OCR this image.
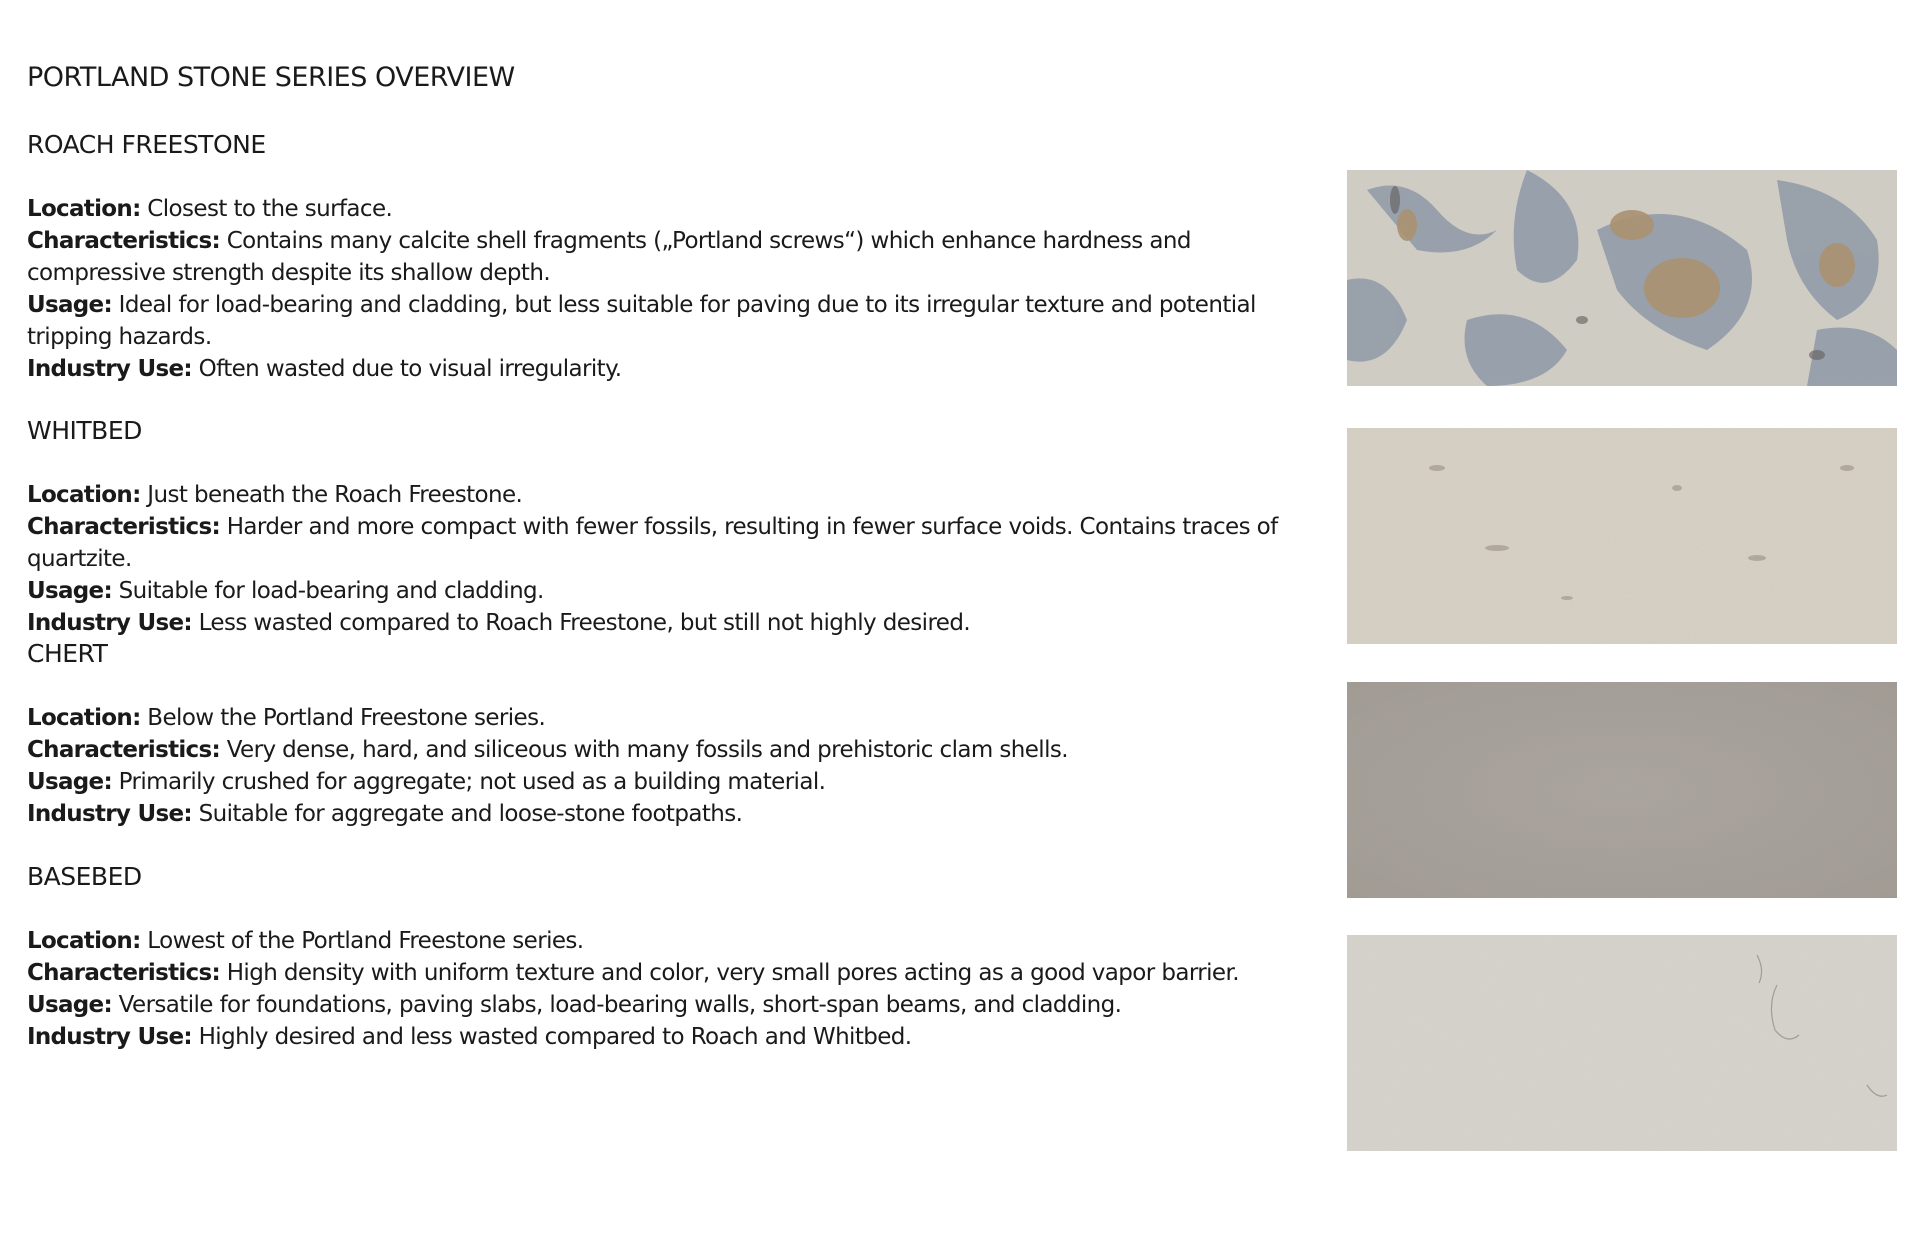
PORTLAND STONE SERIES OVERVIEW
ROACH FREESTONE
Location: Closest to the surface.
Characteristics: Contains many calcite shell fragments („Portland screws“) which enhance hardness and compressive strength despite its shallow depth.
Usage: Ideal for load-bearing and cladding, but less suitable for paving due to its irregular texture and potential tripping hazards.
Industry Use: Often wasted due to visual irregularity.
WHITBED
Location: Just beneath the Roach Freestone.
Characteristics: Harder and more compact with fewer fossils, resulting in fewer surface voids. Contains traces of quartzite.
Usage: Suitable for load-bearing and cladding.
Industry Use: Less wasted compared to Roach Freestone, but still not highly desired.
CHERT
Location: Below the Portland Freestone series.
Characteristics: Very dense, hard, and siliceous with many fossils and prehistoric clam shells.
Usage: Primarily crushed for aggregate; not used as a building material.
Industry Use: Suitable for aggregate and loose-stone footpaths.
BASEBED
Location: Lowest of the Portland Freestone series.
Characteristics: High density with uniform texture and color, very small pores acting as a good vapor barrier.
Usage: Versatile for foundations, paving slabs, load-bearing walls, short-span beams, and cladding.
Industry Use: Highly desired and less wasted compared to Roach and Whitbed.
